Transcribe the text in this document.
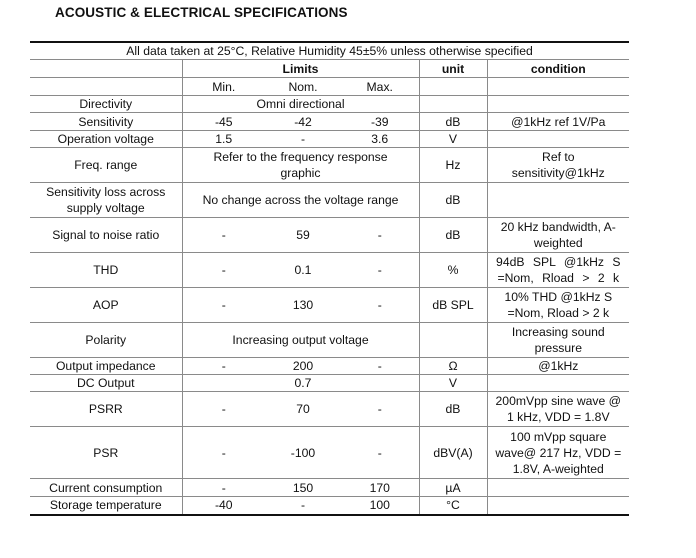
ACOUSTIC & ELECTRICAL SPECIFICATIONS
All data taken at 25°C, Relative Humidity 45±5% unless otherwise specified					
	Limits			unit	condition
	Min.	Nom.	Max.		
Directivity	Omni directional				
Sensitivity	-45	-42	-39	dB	@1kHz ref 1V/Pa
Operation voltage	1.5	-	3.6	V	
Freq. range	Refer to the frequency response graphic			Hz	Ref to sensitivity@1kHz
Sensitivity loss across supply voltage	No change across the voltage range			dB	
Signal to noise ratio	-	59	-	dB	20 kHz bandwidth, A-weighted
THD	-	0.1	-	%	94dB SPL @1kHz S =Nom, Rload > 2 k
AOP	-	130	-	dB SPL	10% THD @1kHz S =Nom, Rload > 2 k
Polarity	Increasing output voltage				Increasing sound pressure
Output impedance	-	200	-	Ω	@1kHz
DC Output		0.7		V	
PSRR	-	70	-	dB	200mVpp sine wave @ 1 kHz, VDD = 1.8V
PSR	-	-100	-	dBV(A)	100 mVpp square wave@ 217 Hz, VDD = 1.8V, A-weighted
Current consumption	-	150	170	µA	
Storage temperature	-40	-	100	°C	
